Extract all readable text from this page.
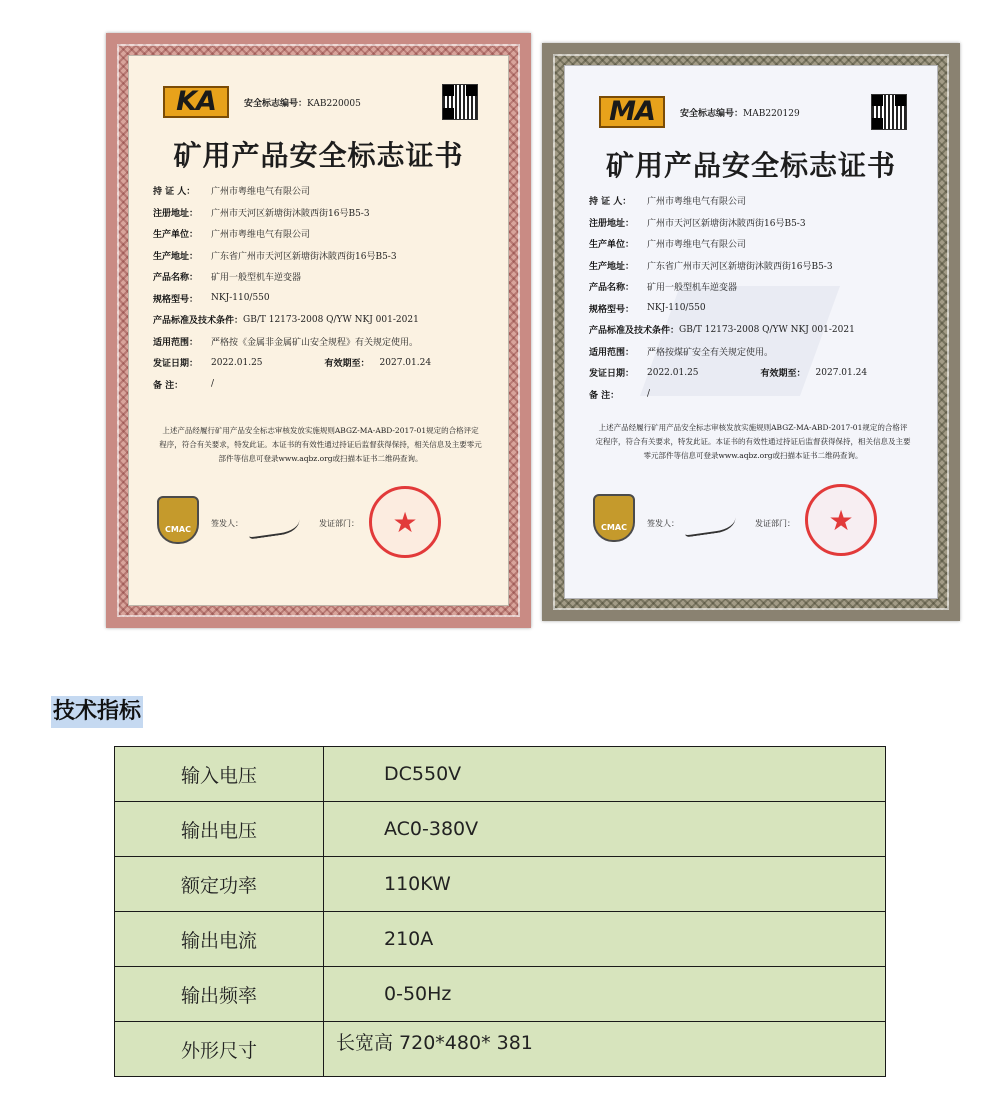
KA	安全标志编号：KAB220005
矿用产品安全标志证书
持 证 人：	广州市粤维电气有限公司
注册地址：	广州市天河区新塘街沐陂西街16号B5-3
生产单位：	广州市粤维电气有限公司
生产地址：	广东省广州市天河区新塘街沐陂西街16号B5-3
产品名称：	矿用一般型机车逆变器
规格型号：	NKJ-110/550
产品标准及技术条件： GB/T 12173-2008 Q/YW NKJ 001-2021
适用范围：	严格按《金属非金属矿山安全规程》有关规定使用。
发证日期：	2022.01.25	有效期至： 2027.01.24
备 注：	/
上述产品经履行矿用产品安全标志审核发放实施规则ABGZ-MA-ABD-2017-01规定的合格评定程序，符合有关要求，特发此证。本证书的有效性通过持证后监督获得保持，相关信息及主要零元部件等信息可登录www.aqbz.org或扫描本证书二维码查询。
CMAC
签发人：	发证部门：	★
MA	安全标志编号：MAB220129
矿用产品安全标志证书
持 证 人：	广州市粤维电气有限公司
注册地址：	广州市天河区新塘街沐陂西街16号B5-3
生产单位：	广州市粤维电气有限公司
生产地址：	广东省广州市天河区新塘街沐陂西街16号B5-3
产品名称：	矿用一般型机车逆变器
规格型号：	NKJ-110/550
产品标准及技术条件： GB/T 12173-2008 Q/YW NKJ 001-2021
适用范围：	严格按煤矿安全有关规定使用。
发证日期：	2022.01.25	有效期至： 2027.01.24
备 注：	/
上述产品经履行矿用产品安全标志审核发放实施规则ABGZ-MA-ABD-2017-01规定的合格评定程序，符合有关要求，特发此证。本证书的有效性通过持证后监督获得保持，相关信息及主要零元部件等信息可登录www.aqbz.org或扫描本证书二维码查询。
CMAC	签发人：	发证部门：	★
技术指标
输入电压	DC550V
输出电压	AC0-380V
额定功率	110KW
输出电流	210A
输出频率	0-50Hz
外形尺寸	长宽高 720*480* 381
